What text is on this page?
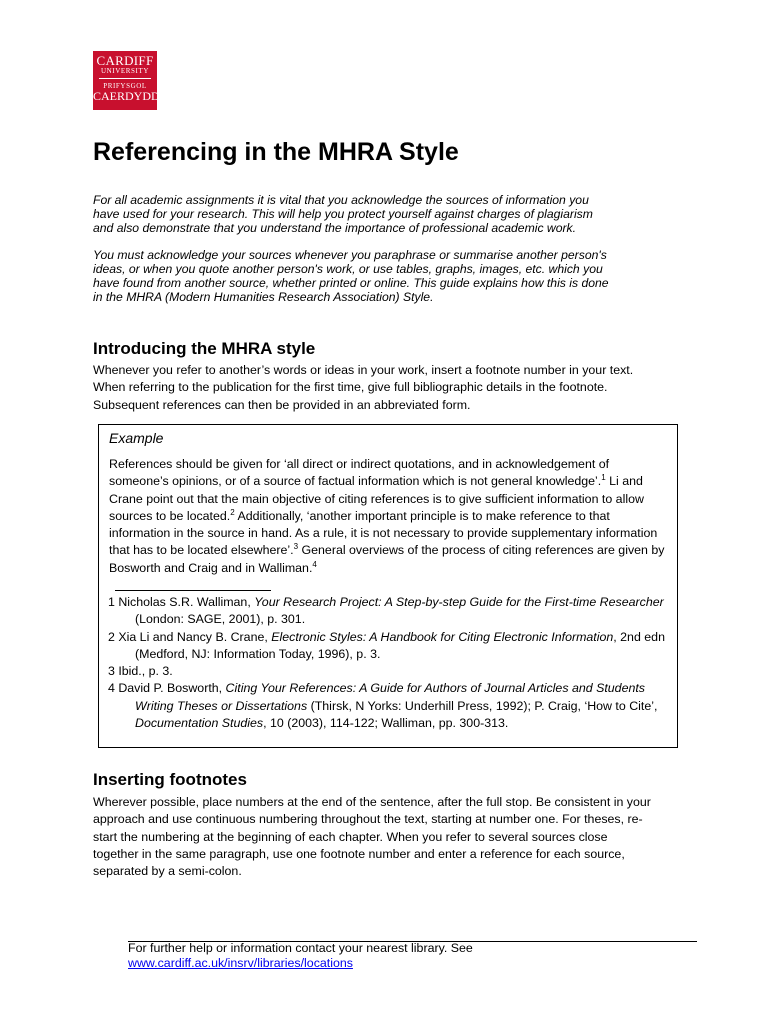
CARDIFF
UNIVERSITY
PRIFYSGOL
CAERDYDD
Referencing in the MHRA Style

For all academic assignments it is vital that you acknowledge the sources of information you
have used for your research. This will help you protect yourself against charges of plagiarism
and also demonstrate that you understand the importance of professional academic work.

You must acknowledge your sources whenever you paraphrase or summarise another person's
ideas, or when you quote another person's work, or use tables, graphs, images, etc. which you
have found from another source, whether printed or online. This guide explains how this is done
in the MHRA (Modern Humanities Research Association) Style.

Introducing the MHRA style

Whenever you refer to another’s words or ideas in your work, insert a footnote number in your text.
When referring to the publication for the first time, give full bibliographic details in the footnote.
Subsequent references can then be provided in an abbreviated form.

Example

References should be given for ‘all direct or indirect quotations, and in acknowledgement of someone’s opinions, or of a source of factual information which is not general knowledge’.$^1$ Li and Crane point out that the main objective of citing references is to give sufficient information to allow sources to be located.$^2$ Additionally, ‘another important principle is to make reference to that information in the source in hand. As a rule, it is not necessary to provide supplementary information that has to be located elsewhere’.$^3$ General overviews of the process of citing references are given by Bosworth and Craig and in Walliman.$^4$

1 Nicholas S.R. Walliman, Your Research Project: A Step-by-step Guide for the First-time Researcher (London: SAGE, 2001), p. 301.
2 Xia Li and Nancy B. Crane, Electronic Styles: A Handbook for Citing Electronic Information, 2nd edn (Medford, NJ: Information Today, 1996), p. 3.
3 Ibid., p. 3.
4 David P. Bosworth, Citing Your References: A Guide for Authors of Journal Articles and Students Writing Theses or Dissertations (Thirsk, N Yorks: Underhill Press, 1992); P. Craig, ‘How to Cite’, Documentation Studies, 10 (2003), 114-122; Walliman, pp. 300-313.
Inserting footnotes

Wherever possible, place numbers at the end of the sentence, after the full stop. Be consistent in your
approach and use continuous numbering throughout the text, starting at number one. For theses, re-
start the numbering at the beginning of each chapter. When you refer to several sources close
together in the same paragraph, use one footnote number and enter a reference for each source,
separated by a semi-colon.

For further help or information contact your nearest library. See
www.cardiff.ac.uk/insrv/libraries/locations
